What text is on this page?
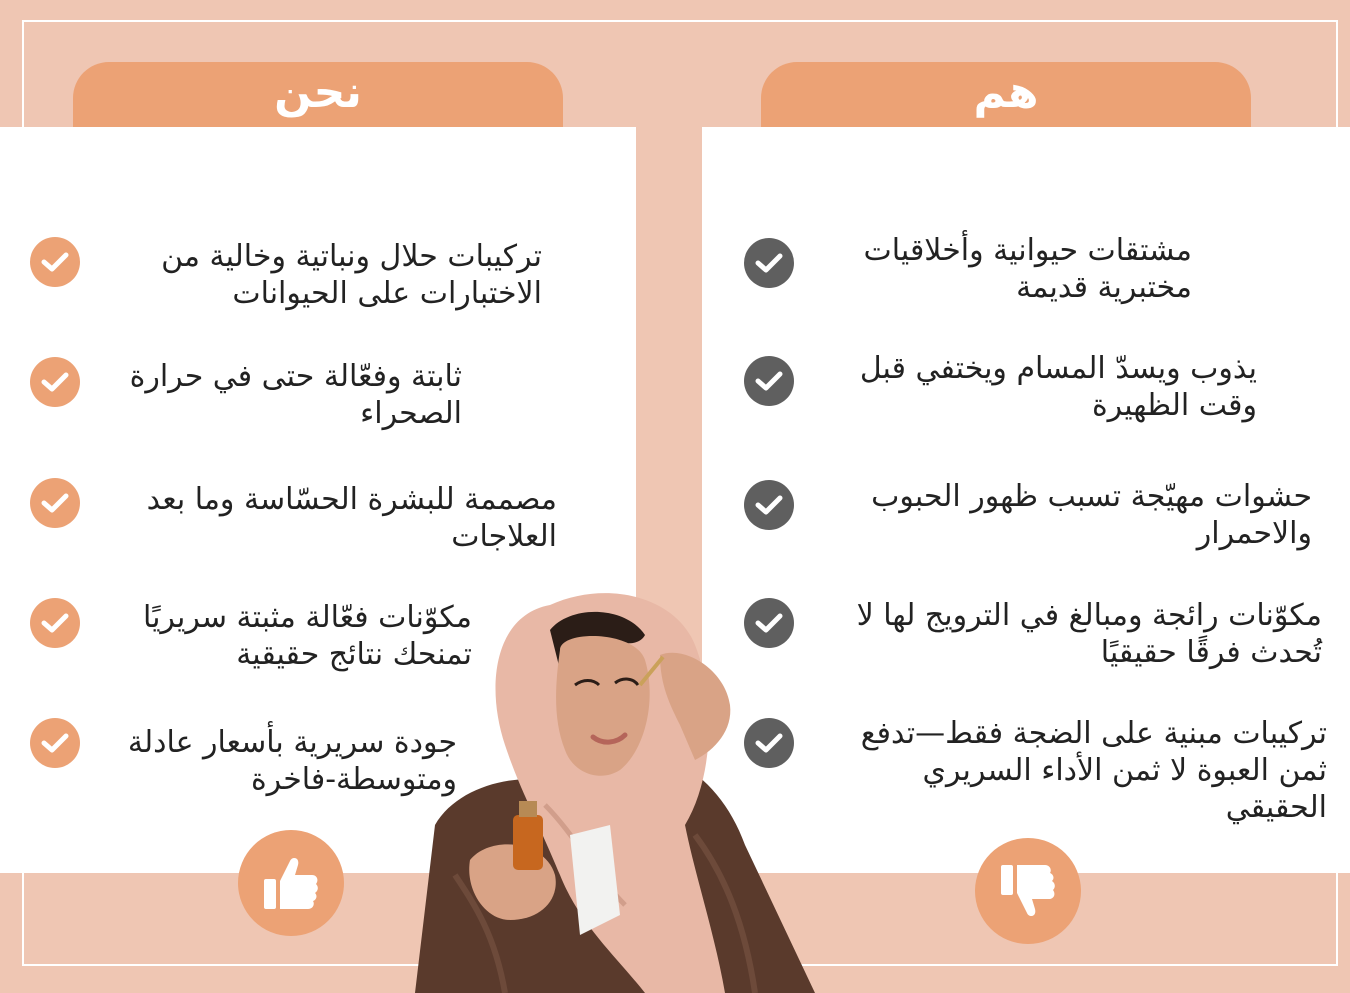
نحن	هم
تركيبات حلال ونباتية وخالية من الاختبارات على الحيوانات
ثابتة وفعّالة حتى في حرارة الصحراء
مصممة للبشرة الحسّاسة وما بعد العلاجات
مكوّنات فعّالة مثبتة سريريًا تمنحك نتائج حقيقية
جودة سريرية بأسعار عادلة ومتوسطة-فاخرة
مشتقات حيوانية وأخلاقيات مختبرية قديمة
يذوب ويسدّ المسام ويختفي قبل وقت الظهيرة
حشوات مهيّجة تسبب ظهور الحبوب والاحمرار
مكوّنات رائجة ومبالغ في الترويج لها لا تُحدث فرقًا حقيقيًا
تركيبات مبنية على الضجة فقط—تدفع ثمن العبوة لا ثمن الأداء السريري الحقيقي
